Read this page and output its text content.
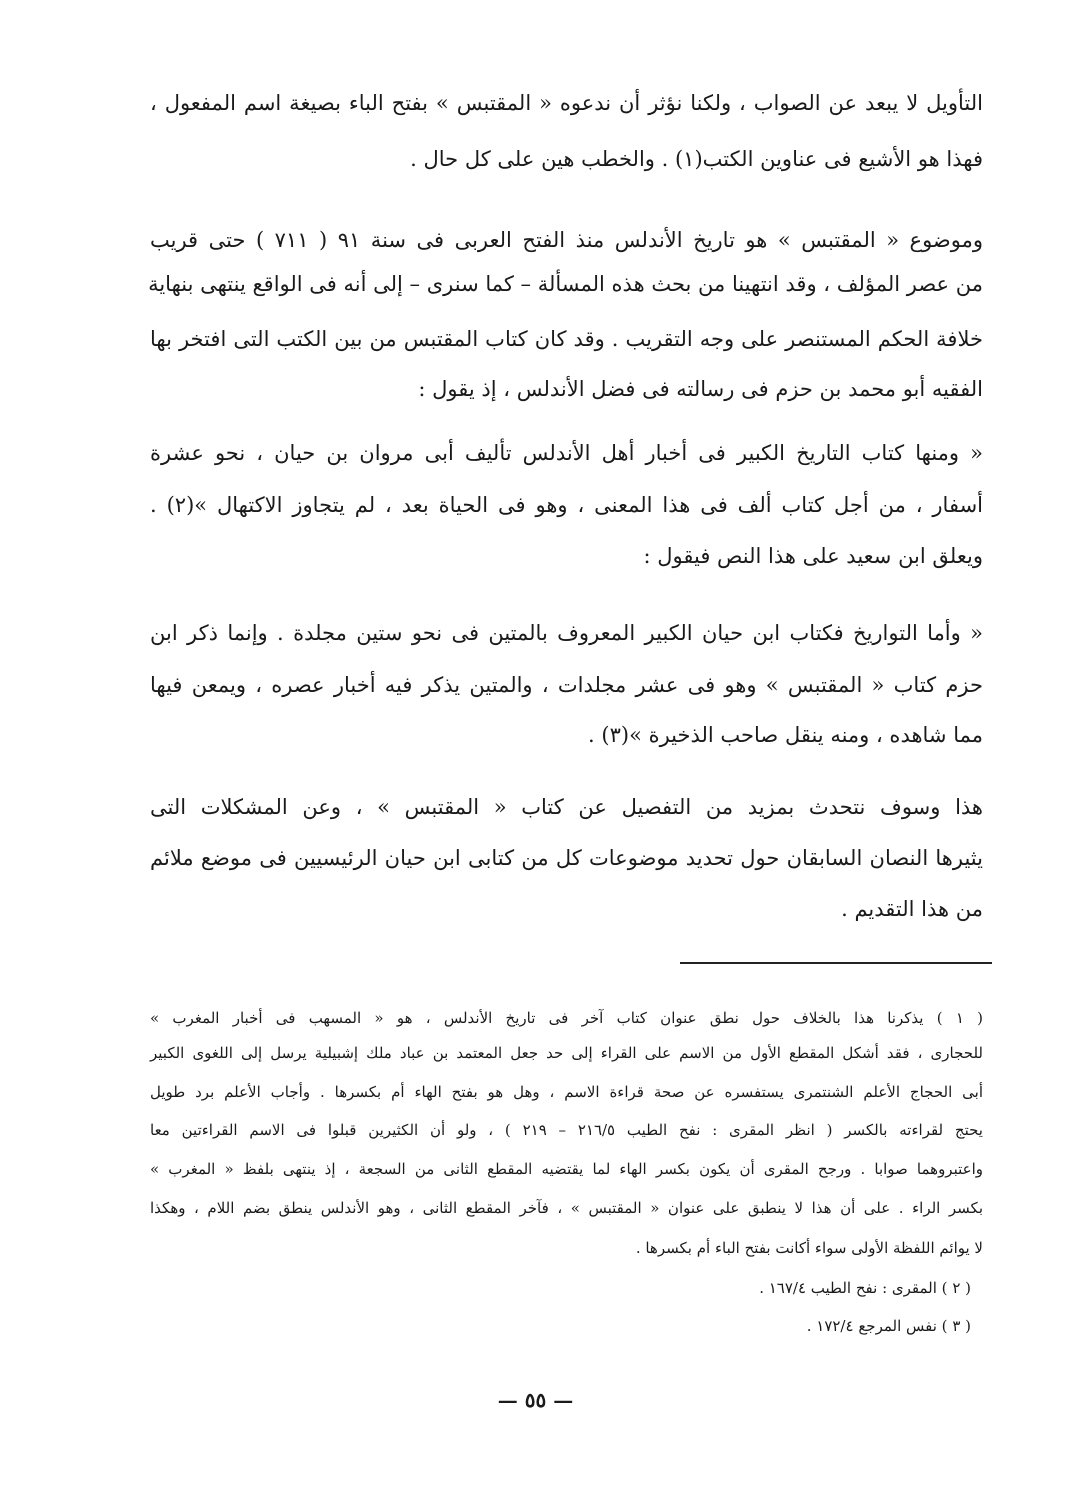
التأويل لا يبعد عن الصواب ، ولكنا نؤثر أن ندعوه « المقتبس » بفتح الباء بصيغة اسم المفعول ،
فهذا هو الأشيع فى عناوين الكتب(١) . والخطب هين على كل حال .
وموضوع « المقتبس » هو تاريخ الأندلس منذ الفتح العربى فى سنة ٩١ ( ٧١١ ) حتى قريب
من عصر المؤلف ، وقد انتهينا من بحث هذه المسألة – كما سنرى – إلى أنه فى الواقع ينتهى بنهاية
خلافة الحكم المستنصر على وجه التقريب . وقد كان كتاب المقتبس من بين الكتب التى افتخر بها
الفقيه أبو محمد بن حزم فى رسالته فى فضل الأندلس ، إذ يقول :
« ومنها كتاب التاريخ الكبير فى أخبار أهل الأندلس تأليف أبى مروان بن حيان ، نحو عشرة
أسفار ، من أجل كتاب ألف فى هذا المعنى ، وهو فى الحياة بعد ، لم يتجاوز الاكتهال »(٢) .
ويعلق ابن سعيد على هذا النص فيقول :
« وأما التواريخ فكتاب ابن حيان الكبير المعروف بالمتين فى نحو ستين مجلدة . وإنما ذكر ابن
حزم كتاب « المقتبس » وهو فى عشر مجلدات ، والمتين يذكر فيه أخبار عصره ، ويمعن فيها
مما شاهده ، ومنه ينقل صاحب الذخيرة »(٣) .
هذا وسوف نتحدث بمزيد من التفصيل عن كتاب « المقتبس » ، وعن المشكلات التى
يثيرها النصان السابقان حول تحديد موضوعات كل من كتابى ابن حيان الرئيسيين فى موضع ملائم
من هذا التقديم .
( ١ ) يذكرنا هذا بالخلاف حول نطق عنوان كتاب آخر فى تاريخ الأندلس ، هو « المسهب فى أخبار المغرب »
للحجارى ، فقد أشكل المقطع الأول من الاسم على القراء إلى حد جعل المعتمد بن عباد ملك إشبيلية يرسل إلى اللغوى الكبير
أبى الحجاج الأعلم الشنتمرى يستفسره عن صحة قراءة الاسم ، وهل هو بفتح الهاء أم بكسرها . وأجاب الأعلم برد طويل
يحتج لقراءته بالكسر ( انظر المقرى : نفح الطيب ٢١٦/٥ – ٢١٩ ) ، ولو أن الكثيرين قبلوا فى الاسم القراءتين معا
واعتبروهما صوابا . ورجح المقرى أن يكون بكسر الهاء لما يقتضيه المقطع الثانى من السجعة ، إذ ينتهى بلفظ « المغرب »
بكسر الراء . على أن هذا لا ينطبق على عنوان « المقتبس » ، فآخر المقطع الثانى ، وهو الأندلس ينطق بضم اللام ، وهكذا
لا يوائم اللفظة الأولى سواء أكانت بفتح الباء أم بكسرها .
( ٢ ) المقرى : نفح الطيب ١٦٧/٤ .
( ٣ ) نفس المرجع ١٧٢/٤ .
— ٥٥ —
